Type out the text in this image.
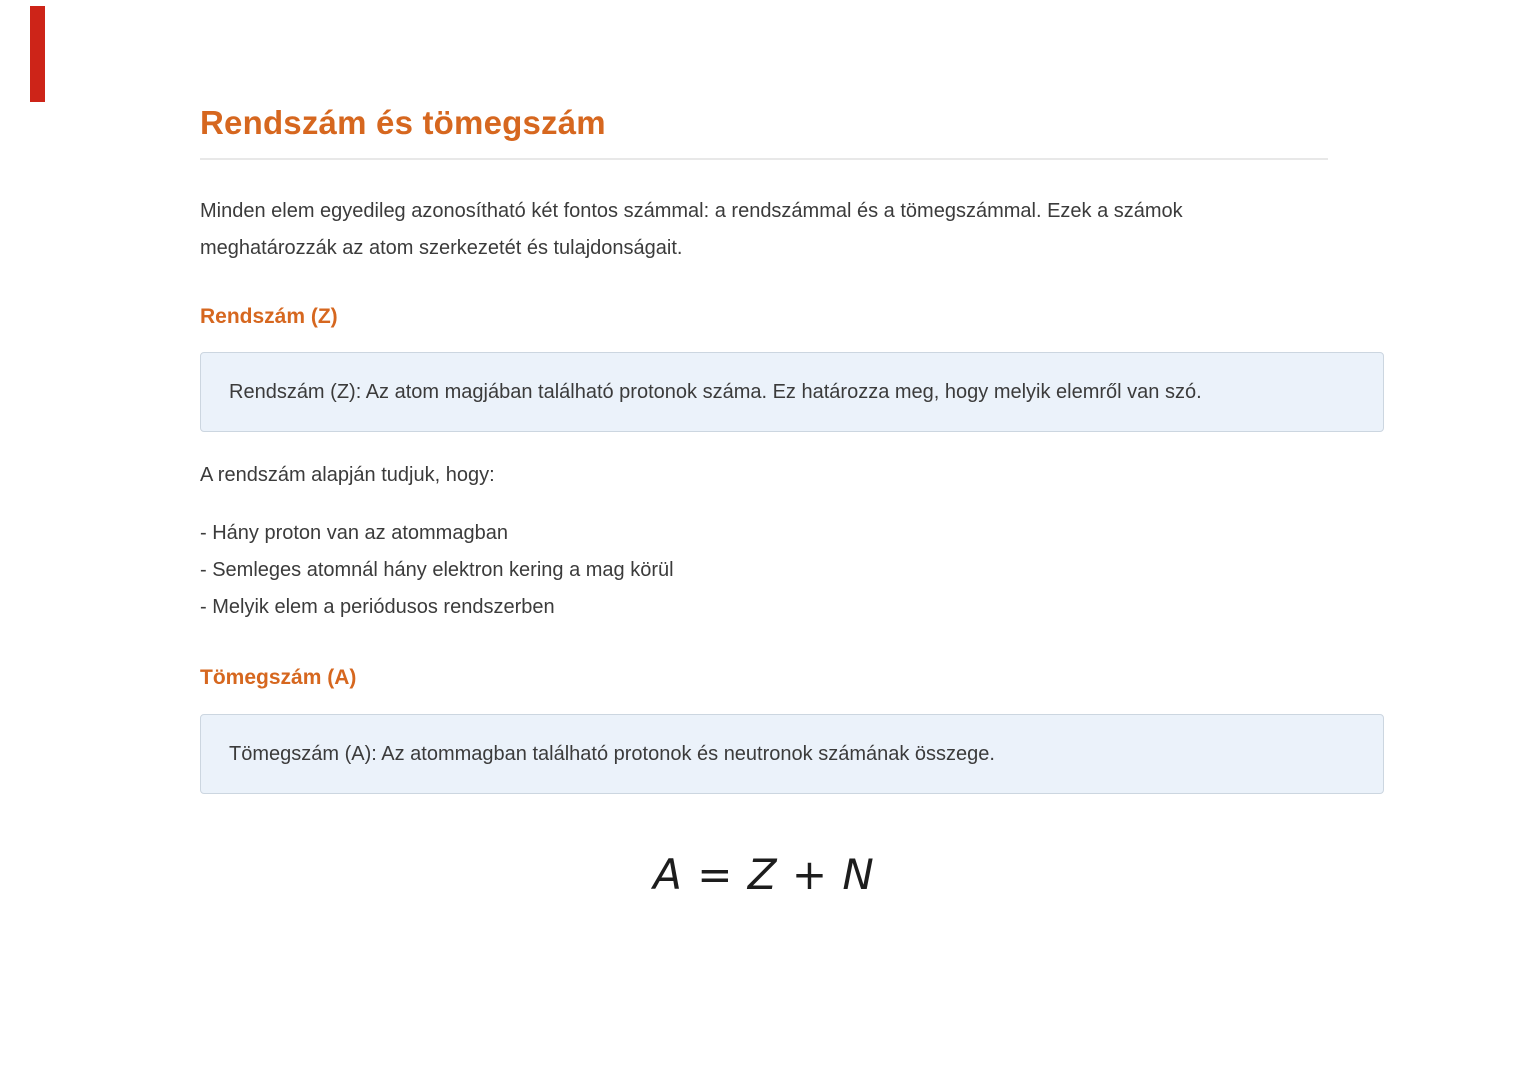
Rendszám és tömegszám

Minden elem egyedileg azonosítható két fontos számmal: a rendszámmal és a tömegszámmal. Ezek a számok
meghatározzák az atom szerkezetét és tulajdonságait.

Rendszám (Z)

Rendszám (Z): Az atom magjában található protonok száma. Ez határozza meg, hogy melyik elemről van szó.

A rendszám alapján tudjuk, hogy:

- Hány proton van az atommagban
- Semleges atomnál hány elektron kering a mag körül
- Melyik elem a periódusos rendszerben
Tömegszám (A)

Tömegszám (A): Az atommagban található protonok és neutronok számának összege.

A = Z + N
